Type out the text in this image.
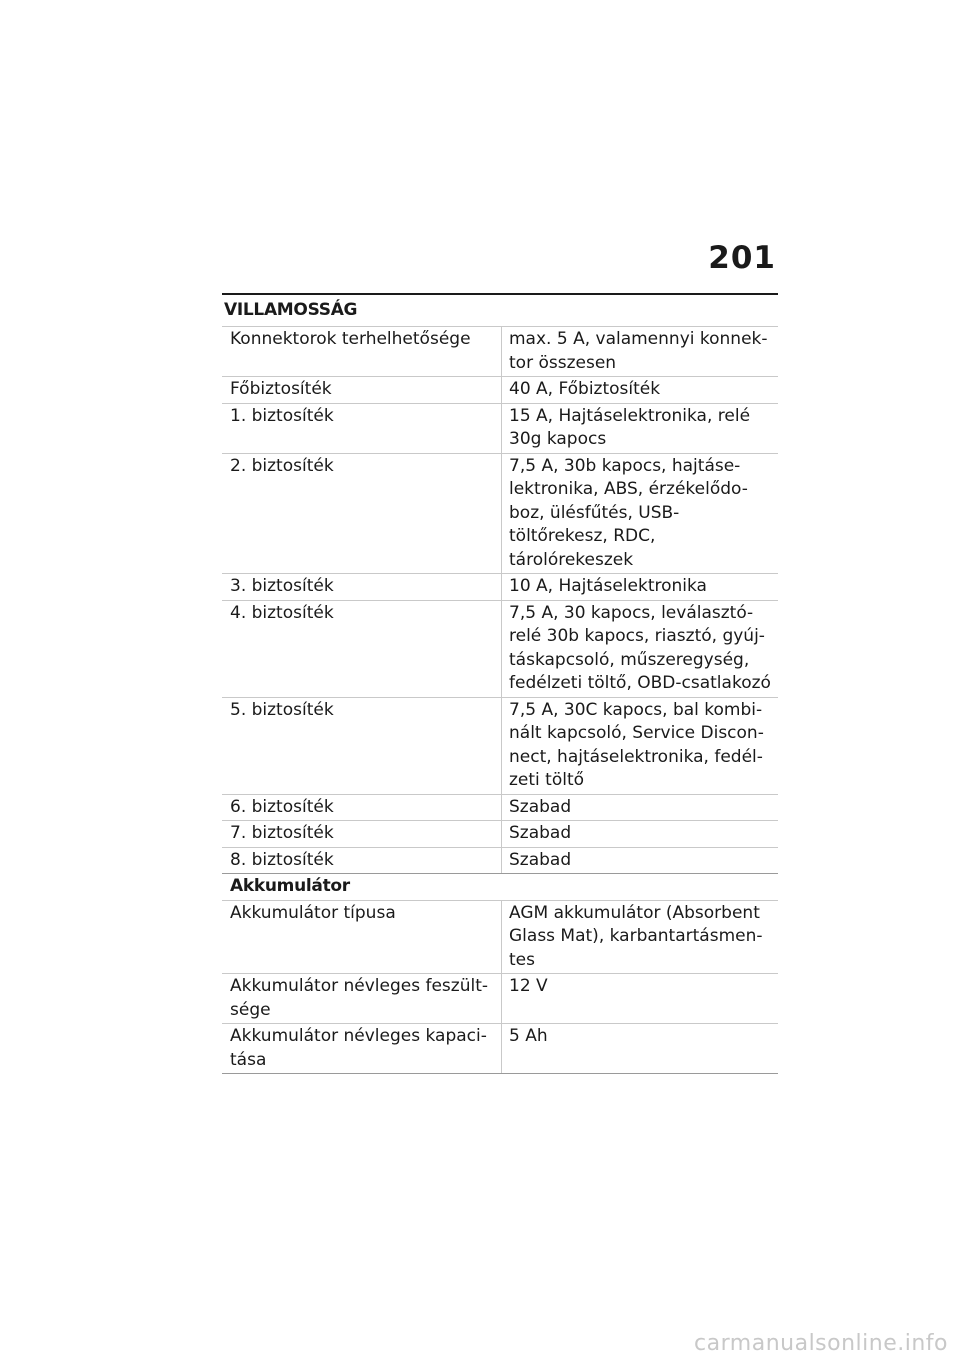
201
VILLAMOSSÁG
Konnektorok terhelhetősége	max. 5 A, valamennyi konnek-tor összesen
Főbiztosíték	40 A, Főbiztosíték
1. biztosíték	15 A, Hajtáselektronika, relé 30g kapocs
2. biztosíték	7,5 A, 30b kapocs, hajtáse-lektronika, ABS, érzékelődo-boz, ülésfűtés, USB-töltőrekesz, RDC, tárolórekeszek
3. biztosíték	10 A, Hajtáselektronika
4. biztosíték	7,5 A, 30 kapocs, leválasztó-relé 30b kapocs, riasztó, gyúj-táskapcsoló, műszeregység, fedélzeti töltő, OBD-csatlakozó
5. biztosíték	7,5 A, 30C kapocs, bal kombi-nált kapcsoló, Service Discon-nect, hajtáselektronika, fedél-zeti töltő
6. biztosíték	Szabad
7. biztosíték	Szabad
8. biztosíték	Szabad
Akkumulátor
Akkumulátor típusa	AGM akkumulátor (Absorbent Glass Mat), karbantartásmen-tes
Akkumulátor névleges feszült-sége	12 V
Akkumulátor névleges kapaci-tása	5 Ah
carmanualsonline.info
